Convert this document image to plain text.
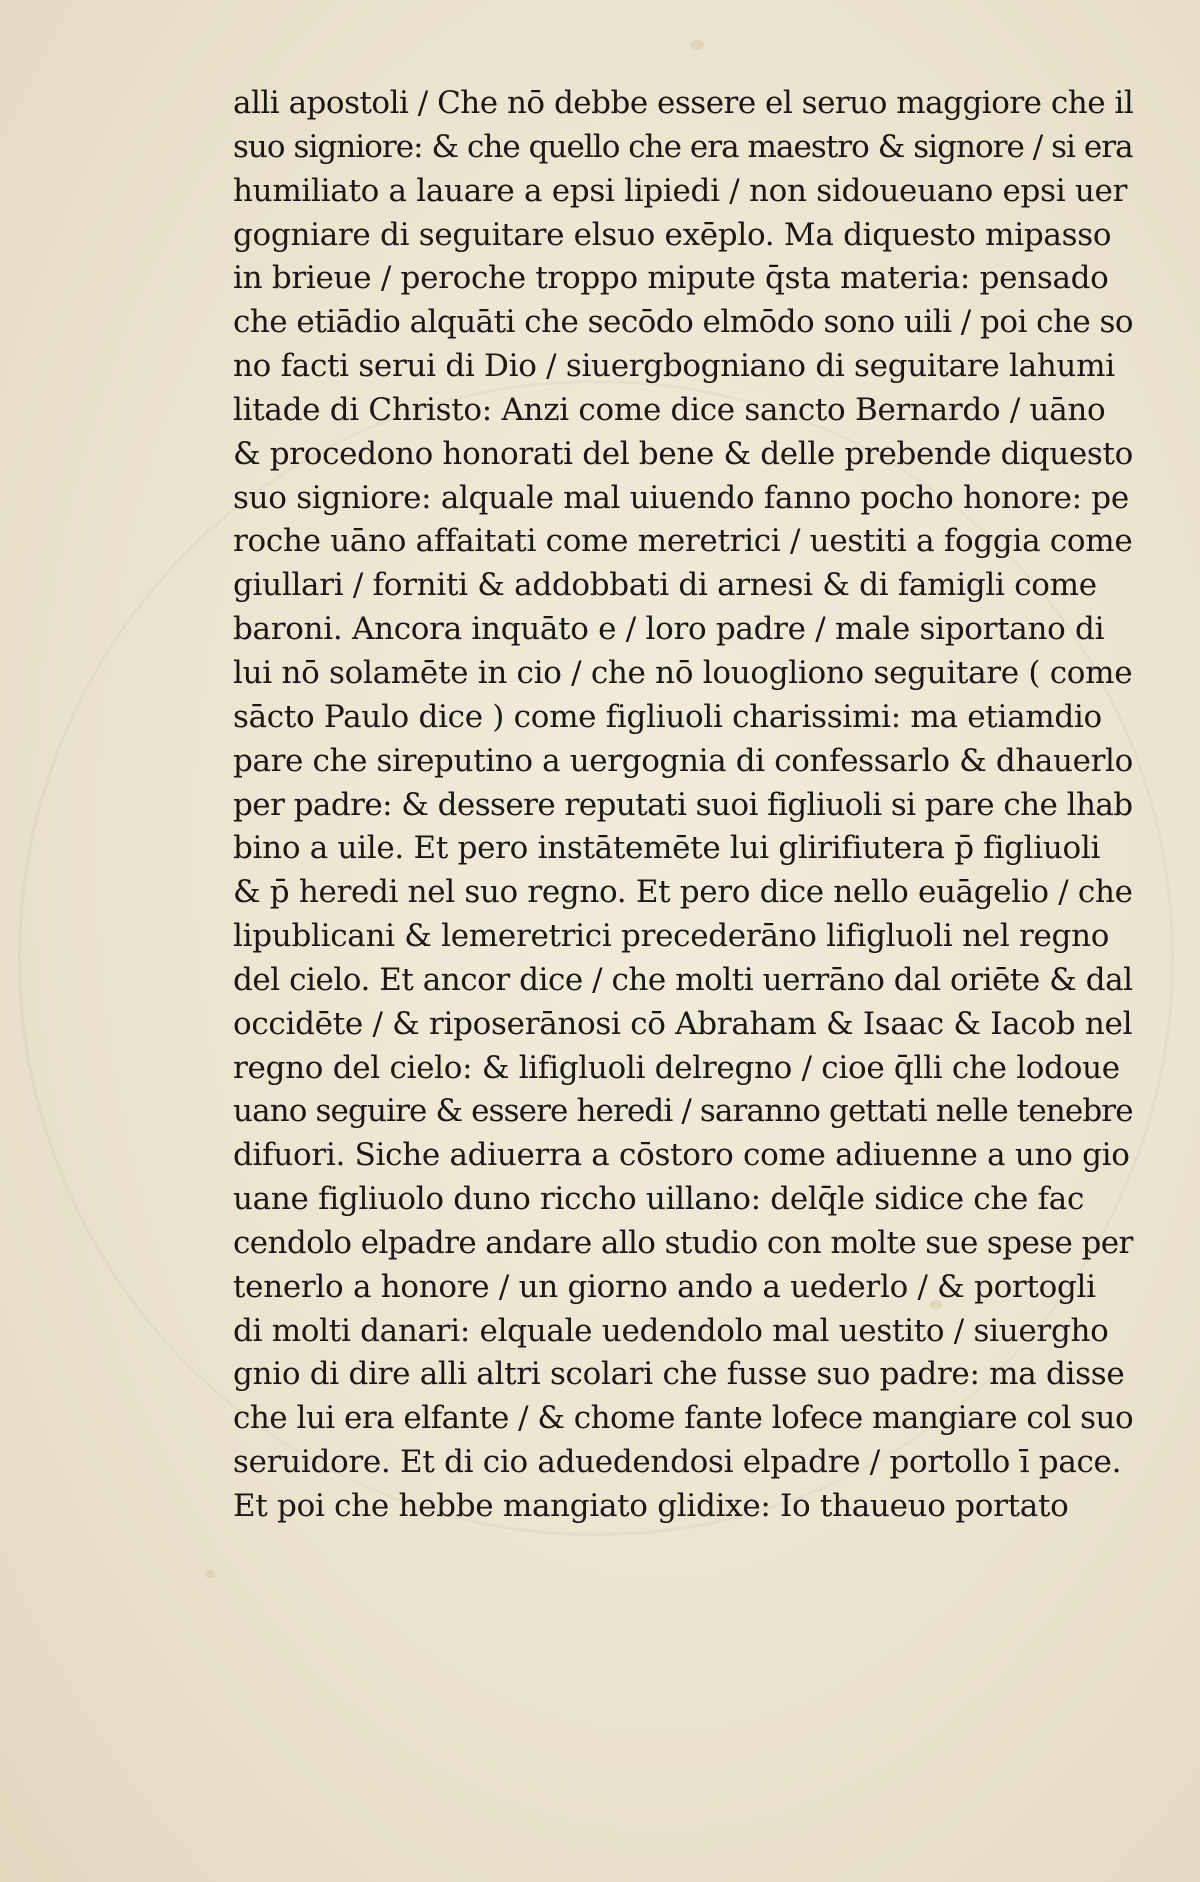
alli apostoli / Che nō debbe essere el seruo maggiore che il
suo signiore: & che quello che era maestro & signore / si era
humiliato a lauare a epsi lipiedi / non sidoueuano epsi uer
gogniare di seguitare elsuo exēplo. Ma diquesto mipasso
in brieue / peroche troppo mipute q̄sta materia: pensado
che etiādio alquāti che secōdo elmōdo sono uili / poi che so
no facti serui di Dio / siuergbogniano di seguitare lahumi
litade di Christo: Anzi come dice sancto Bernardo / uāno
& procedono honorati del bene & delle prebende diquesto
suo signiore: alquale mal uiuendo fanno pocho honore: pe
roche uāno affaitati come meretrici / uestiti a foggia come
giullari / forniti & addobbati di arnesi & di famigli come
baroni. Ancora inquāto e / loro padre / male siportano di
lui nō solamēte in cio / che nō louogliono seguitare ( come
sācto Paulo dice ) come figliuoli charissimi: ma etiamdio
pare che sireputino a uergognia di confessarlo & dhauerlo
per padre: & dessere reputati suoi figliuoli si pare che lhab
bino a uile. Et pero instātemēte lui glirifiutera p̄ figliuoli
& p̄ heredi nel suo regno. Et pero dice nello euāgelio / che
lipublicani & lemeretrici precederāno lifigluoli nel regno
del cielo. Et ancor dice / che molti uerrāno dal oriēte & dal
occidēte / & riposerānosi cō Abraham & Isaac & Iacob nel
regno del cielo: & lifigluoli delregno / cioe q̄lli che lodoue
uano seguire & essere heredi / saranno gettati nelle tenebre
difuori. Siche adiuerra a cōstoro come adiuenne a uno gio
uane figliuolo duno riccho uillano: delq̄le sidice che fac
cendolo elpadre andare allo studio con molte sue spese per
tenerlo a honore / un giorno ando a uederlo / & portogli
di molti danari: elquale uedendolo mal uestito / siuergho
gnio di dire alli altri scolari che fusse suo padre: ma disse
che lui era elfante / & chome fante lofece mangiare col suo
seruidore. Et di cio aduedendosi elpadre / portollo ī pace.
Et poi che hebbe mangiato glidixe: Io thaueuo portato
